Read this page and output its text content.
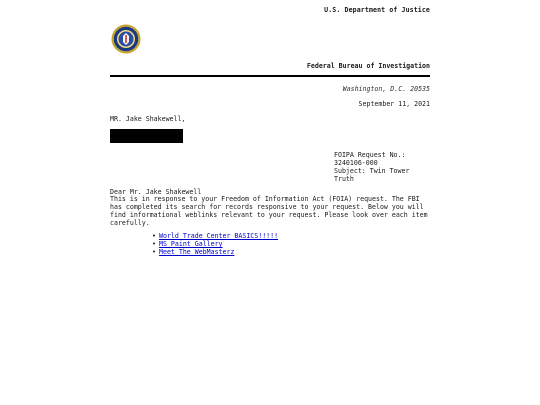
U.S. Department of Justice
Federal Bureau of Investigation
Washington, D.C. 20535
September 11, 2021
MR. Jake Shakewell,
FOIPA Request No.:
3240106-000
Subject: Twin Tower
Truth
Dear Mr. Jake Shakewell
This is in response to your Freedom of Information Act (FOIA) request. The FBI has completed its search for records responsive to your request. Below you will find informational weblinks relevant to your request. Please look over each item carefully.
• World Trade Center BASICS!!!!!
• MS Paint Gallery
• Meet The WebMasterz
